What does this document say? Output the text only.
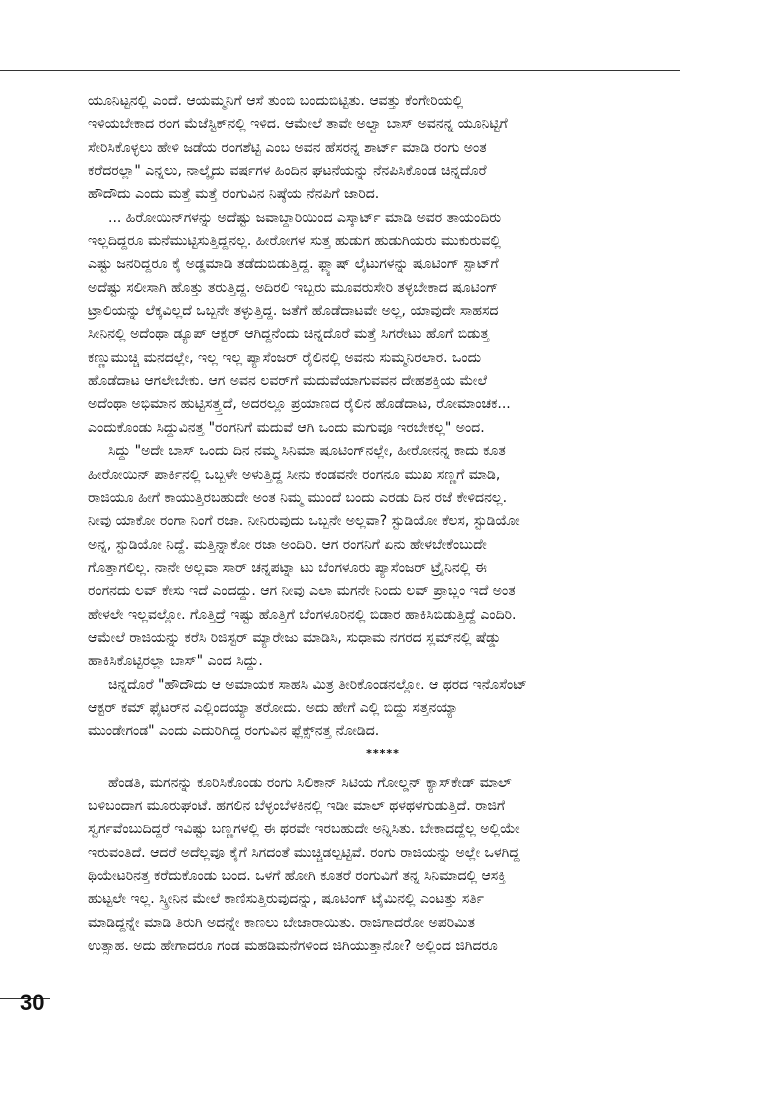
ಯೂನಿಟ್ಟನಲ್ಲಿ ಎಂದೆ. ಆಯಮ್ಮನಿಗೆ ಆಸೆ ತುಂಬಿ ಬಂದುಬಿಟ್ಟಿತು. ಆವತ್ತು ಕೆಂಗೇರಿಯಲ್ಲಿ
ಇಳಿಯಬೇಕಾದ ರಂಗ ಮೆಜೆಸ್ಟಿಕ್‌ನಲ್ಲಿ ಇಳಿದ. ಆಮೇಲೆ ತಾವೇ ಅಲ್ವಾ ಬಾಸ್ ಅವನನ್ನ ಯೂನಿಟ್ಟಿಗೆ
ಸೇರಿಸಿಕೊಳ್ಳಲು ಹೇಳಿ ಜಡೆಯ ರಂಗಶೆಟ್ಟಿ ಎಂಬ ಅವನ ಹೆಸರನ್ನ ಶಾರ್ಟ್ ಮಾಡಿ ರಂಗು ಅಂತ
ಕರೆದರಲ್ಲಾ" ಎನ್ನಲು, ನಾಲ್ಕೈದು ವರ್ಷಗಳ ಹಿಂದಿನ ಘಟನೆಯನ್ನು ನೆನಪಿಸಿಕೊಂಡ ಚಿನ್ನದೊರೆ
ಹೌದೌದು ಎಂದು ಮತ್ತೆ ಮತ್ತೆ ರಂಗುವಿನ ನಿಷ್ಠೆಯ ನೆನಪಿಗೆ ಜಾರಿದ.
... ಹಿರೋಯಿನ್‌ಗಳನ್ನು ಅದೆಷ್ಟು ಜವಾಬ್ದಾರಿಯಿಂದ ಎಸ್ಕಾರ್ಟ್ ಮಾಡಿ ಅವರ ತಾಯಂದಿರು
ಇಲ್ಲದಿದ್ದರೂ ಮನೆಮುಟ್ಟಿಸುತ್ತಿದ್ದನಲ್ಲ. ಹೀರೋಗಳ ಸುತ್ತ ಹುಡುಗ ಹುಡುಗಿಯರು ಮುಕುರುವಲ್ಲಿ
ಎಷ್ಟು ಜನರಿದ್ದರೂ ಕೈ ಅಡ್ಡಮಾಡಿ ತಡೆದುಬಿಡುತ್ತಿದ್ದ. ಫ್ಲ್ಯಾಷ್ ಲೈಟುಗಳನ್ನು ಷೂಟಿಂಗ್ ಸ್ಪಾಟ್‌ಗೆ
ಅದೆಷ್ಟು ಸಲೀಸಾಗಿ ಹೊತ್ತು ತರುತ್ತಿದ್ದ. ಅದಿರಲಿ ಇಬ್ಬರು ಮೂವರುಸೇರಿ ತಳ್ಳಬೇಕಾದ ಷೂಟಿಂಗ್
ಟ್ರಾಲಿಯನ್ನು ಲೆಕ್ಕವಿಲ್ಲದೆ ಒಬ್ಬನೇ ತಳ್ಳುತ್ತಿದ್ದ. ಜತೆಗೆ ಹೊಡೆದಾಟವೇ ಅಲ್ಲ, ಯಾವುದೇ ಸಾಹಸದ
ಸೀನಿನಲ್ಲಿ ಅದೆಂಥಾ ಡ್ಯೂಪ್ ಆಕ್ಟರ್ ಆಗಿದ್ದನೆಂದು ಚಿನ್ನದೊರೆ ಮತ್ತೆ ಸಿಗರೇಟು ಹೊಗೆ ಬಿಡುತ್ತ
ಕಣ್ಣುಮುಚ್ಚಿ ಮನದಲ್ಲೇ, ಇಲ್ಲ ಇಲ್ಲ ಪ್ಯಾಸೆಂಜರ್ ರೈಲಿನಲ್ಲಿ ಅವನು ಸುಮ್ಮನಿರಲಾರ. ಒಂದು
ಹೊಡೆದಾಟ ಆಗಲೇಬೇಕು. ಆಗ ಅವನ ಲವರ್‌ಗೆ ಮದುವೆಯಾಗುವವನ ದೇಹಶಕ್ತಿಯ ಮೇಲೆ
ಅದೆಂಥಾ ಅಭಿಮಾನ ಹುಟ್ಟಿಸತ್ತ್ತದೆ, ಅದರಲ್ಲೂ ಪ್ರಯಾಣದ ರೈಲಿನ ಹೊಡೆದಾಟ, ರೋಮಾಂಚಕ...
ಎಂದುಕೊಂಡು ಸಿದ್ದುವಿನತ್ತ "ರಂಗನಿಗೆ ಮದುವೆ ಆಗಿ ಒಂದು ಮಗುವೂ ಇರಬೇಕಲ್ಲ" ಅಂದ.
ಸಿದ್ದು "ಅದೇ ಬಾಸ್ ಒಂದು ದಿನ ನಮ್ಮ ಸಿನಿಮಾ ಷೂಟಿಂಗ್‌ನಲ್ಲೇ, ಹೀರೋನನ್ನ ಕಾದು ಕೂತ
ಹೀರೋಯಿನ್ ಪಾರ್ಕಿನಲ್ಲಿ ಒಬ್ಬಳೇ ಅಳುತ್ತಿದ್ದ ಸೀನು ಕಂಡವನೇ ರಂಗನೂ ಮುಖ ಸಣ್ಣಗೆ ಮಾಡಿ,
ರಾಜಿಯೂ ಹೀಗೆ ಕಾಯುತ್ತಿರಬಹುದೇ ಅಂತ ನಿಮ್ಮ ಮುಂದೆ ಬಂದು ಎರಡು ದಿನ ರಜೆ ಕೇಳಿದನಲ್ಲ.
ನೀವು ಯಾಕೋ ರಂಗಾ ನಿಂಗೆ ರಜಾ. ನೀನಿರುವುದು ಒಬ್ಬನೇ ಅಲ್ಲವಾ? ಸ್ಟುಡಿಯೋ ಕೆಲಸ, ಸ್ಟುಡಿಯೋ
ಅನ್ನ, ಸ್ಟುಡಿಯೋ ನಿದ್ದೆ. ಮತ್ತಿನ್ನಾಕೋ ರಜಾ ಅಂದಿರಿ. ಆಗ ರಂಗನಿಗೆ ಏನು ಹೇಳಬೇಕೆಂಬುದೇ
ಗೊತ್ತಾಗಲಿಲ್ಲ. ನಾನೇ ಅಲ್ಲವಾ ಸಾರ್ ಚನ್ನಪಟ್ನಾ ಟು ಬೆಂಗಳೂರು ಪ್ಯಾಸೆಂಜರ್ ಟ್ರೈನಿನಲ್ಲಿ ಈ
ರಂಗನದು ಲವ್ ಕೇಸು ಇದೆ ಎಂದದ್ದು. ಆಗ ನೀವು ಎಲಾ ಮಗನೇ ನಿಂದು ಲವ್ ಪ್ರಾಬ್ಲಂ ಇದೆ ಅಂತ
ಹೇಳಲೇ ಇಲ್ಲವಲ್ಲೋ. ಗೊತ್ತಿದ್ರೆ ಇಷ್ಟು ಹೊತ್ತಿಗೆ ಬೆಂಗಳೂರಿನಲ್ಲಿ ಬಿಡಾರ ಹಾಕಿಸಿಬಿಡುತ್ತಿದ್ದೆ ಎಂದಿರಿ.
ಆಮೇಲೆ ರಾಜಿಯನ್ನು ಕರೆಸಿ ರಿಜಿಸ್ಟರ್ ಮ್ಯಾರೇಜು ಮಾಡಿಸಿ, ಸುಧಾಮ ನಗರದ ಸ್ಲಮ್‌ನಲ್ಲಿ ಷೆಡ್ಡು
ಹಾಕಿಸಿಕೊಟ್ಟಿರಲ್ಲಾ ಬಾಸ್" ಎಂದ ಸಿದ್ದು.
ಚಿನ್ನದೊರೆ "ಹೌದೌದು ಆ ಅಮಾಯಕ ಸಾಹಸಿ ಮಿತ್ರ ತೀರಿಕೊಂಡನಲ್ಲೋ. ಆ ಥರದ ಇನೊಸೆಂಟ್
ಆಕ್ಟರ್ ಕಮ್ ಫೈಟರ್‌ನ ಎಲ್ಲಿಂದಯ್ಯಾ ತರೋದು. ಅದು ಹೇಗೆ ಎಲ್ಲಿ ಬಿದ್ದು ಸತ್ತನಯ್ಯಾ
ಮುಂಡೇಗಂಡ" ಎಂದು ಎದುರಿಗಿದ್ದ ರಂಗುವಿನ ಫ್ಲೆಕ್ಸ್‌ನತ್ತ ನೋಡಿದ.
*****
ಹೆಂಡತಿ, ಮಗನನ್ನು ಕೂರಿಸಿಕೊಂಡು ರಂಗು ಸಿಲಿಕಾನ್ ಸಿಟಿಯ ಗೋಲ್ಡನ್ ಕ್ಯಾಸ್‌ಕೇಡ್ ಮಾಲ್
ಬಳಿಬಂದಾಗ ಮೂರುಘಂಟೆ. ಹಗಲಿನ ಬೆಳ್ಳಂಬೆಳಕಿನಲ್ಲಿ ಇಡೀ ಮಾಲ್ ಥಳಥಳಗುಡುತ್ತಿದೆ. ರಾಜಿಗೆ
ಸ್ವರ್ಗವೆಂಬುದಿದ್ದರೆ ಇವಿಷ್ಟು ಬಣ್ಣಗಳಲ್ಲಿ ಈ ಥರವೇ ಇರಬಹುದೇ ಅನ್ನಿಸಿತು. ಬೇಕಾದದ್ದೆಲ್ಲ ಅಲ್ಲಿಯೇ
ಇರುವಂತಿದೆ. ಆದರೆ ಅದೆಲ್ಲವೂ ಕೈಗೆ ಸಿಗದಂತೆ ಮುಚ್ಚಿಡಲ್ಪಟ್ಟಿವೆ. ರಂಗು ರಾಜಿಯನ್ನು ಅಲ್ಲೇ ಒಳಗಿದ್ದ
ಥಿಯೇಟರಿನತ್ತ ಕರೆದುಕೊಂಡು ಬಂದ. ಒಳಗೆ ಹೋಗಿ ಕೂತರೆ ರಂಗುವಿಗೆ ತನ್ನ ಸಿನಿಮಾದಲ್ಲಿ ಆಸಕ್ತಿ
ಹುಟ್ಟಲೇ ಇಲ್ಲ. ಸ್ಕ್ರೀನಿನ ಮೇಲೆ ಕಾಣಿಸುತ್ತಿರುವುದನ್ನು, ಷೂಟಿಂಗ್ ಟೈಮಿನಲ್ಲಿ ಎಂಟತ್ತು ಸರ್ತಿ
ಮಾಡಿದ್ದನ್ನೇ ಮಾಡಿ ತಿರುಗಿ ಅದನ್ನೇ ಕಾಣಲು ಬೇಜಾರಾಯಿತು. ರಾಜಿಗಾದರೋ ಅಪರಿಮಿತ
ಉತ್ಸಾಹ. ಅದು ಹೇಗಾದರೂ ಗಂಡ ಮಹಡಿಮನೆಗಳಿಂದ ಜಿಗಿಯುತ್ತಾನೋ? ಅಲ್ಲಿಂದ ಜಿಗಿದರೂ
30
